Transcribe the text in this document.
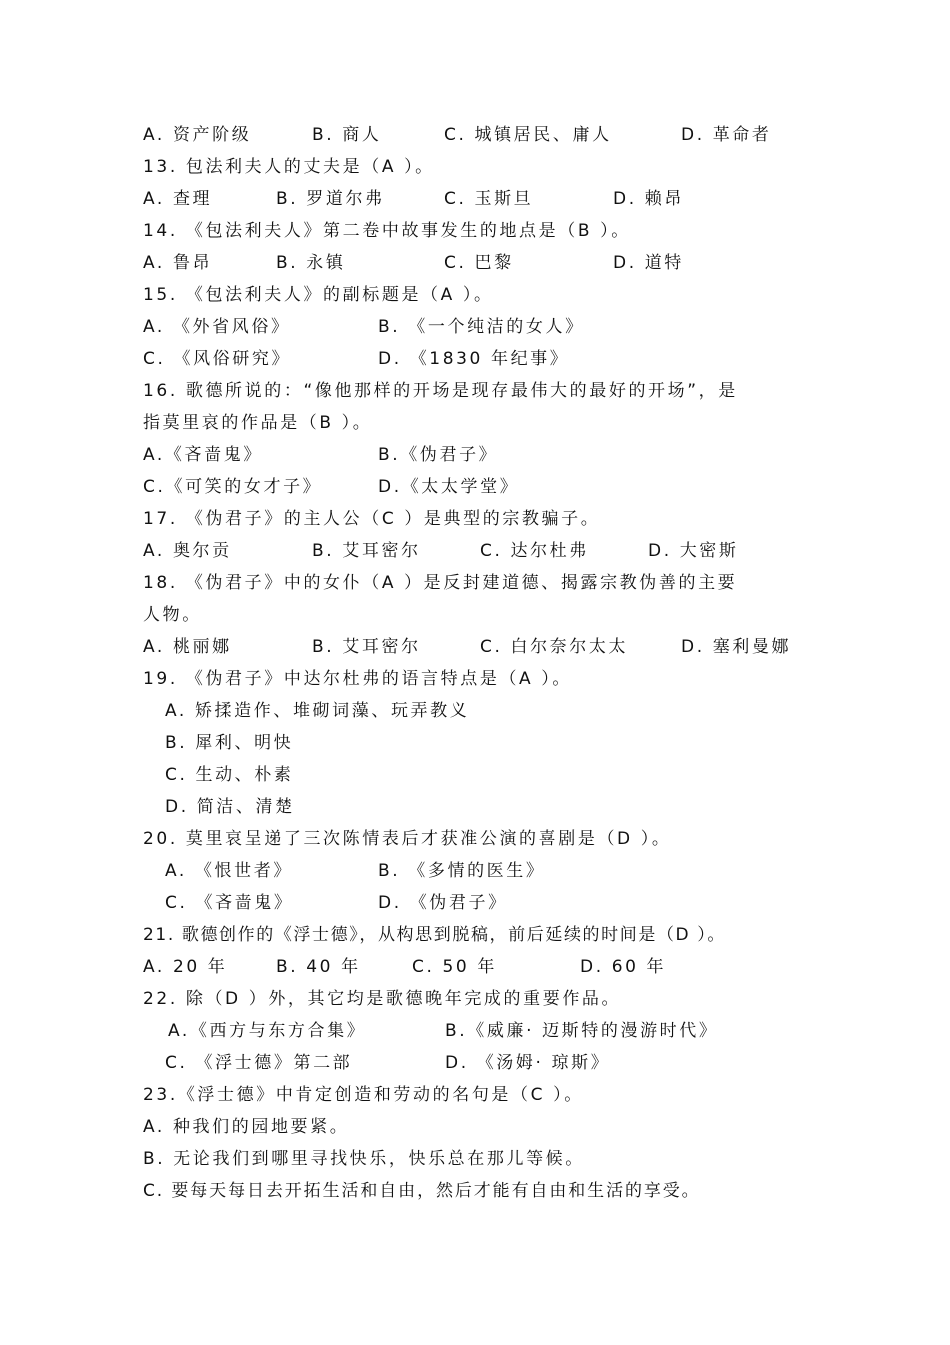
A. 资产阶级	B. 商人	C. 城镇居民、庸人	D. 革命者
13. 包法利夫人的丈夫是（A ）。
A. 查理	B. 罗道尔弗	C. 玉斯旦	D. 赖昂
14. 《包法利夫人》第二卷中故事发生的地点是（B ）。
A. 鲁昂	B. 永镇	C. 巴黎	D. 道特
15. 《包法利夫人》的副标题是（A ）。
A. 《外省风俗》	B. 《一个纯洁的女人》
C. 《风俗研究》	D. 《1830 年纪事》
16. 歌德所说的：“像他那样的开场是现存最伟大的最好的开场”，是
指莫里哀的作品是（B ）。
A.《吝啬鬼》	B.《伪君子》
C.《可笑的女才子》	D.《太太学堂》
17. 《伪君子》的主人公（C ）是典型的宗教骗子。
A. 奥尔贡	B. 艾耳密尔	C. 达尔杜弗	D. 大密斯
18. 《伪君子》中的女仆（A ）是反封建道德、揭露宗教伪善的主要
人物。
A. 桃丽娜	B. 艾耳密尔	C. 白尔奈尔太太	D. 塞利曼娜
19. 《伪君子》中达尔杜弗的语言特点是（A ）。
A. 矫揉造作、堆砌词藻、玩弄教义
B. 犀利、明快
C. 生动、朴素
D. 简洁、清楚
20. 莫里哀呈递了三次陈情表后才获准公演的喜剧是（D ）。
A. 《恨世者》	B. 《多情的医生》
C. 《吝啬鬼》	D. 《伪君子》
21. 歌德创作的《浮士德》，从构思到脱稿，前后延续的时间是（D ）。
A. 20 年	B. 40 年	C. 50 年	D. 60 年
22. 除（D ）外，其它均是歌德晚年完成的重要作品。
A.《西方与东方合集》	B.《威廉· 迈斯特的漫游时代》
C. 《浮士德》第二部	D. 《汤姆· 琼斯》
23.《浮士德》中肯定创造和劳动的名句是（C ）。
A. 种我们的园地要紧。
B. 无论我们到哪里寻找快乐，快乐总在那儿等候。
C. 要每天每日去开拓生活和自由，然后才能有自由和生活的享受。
